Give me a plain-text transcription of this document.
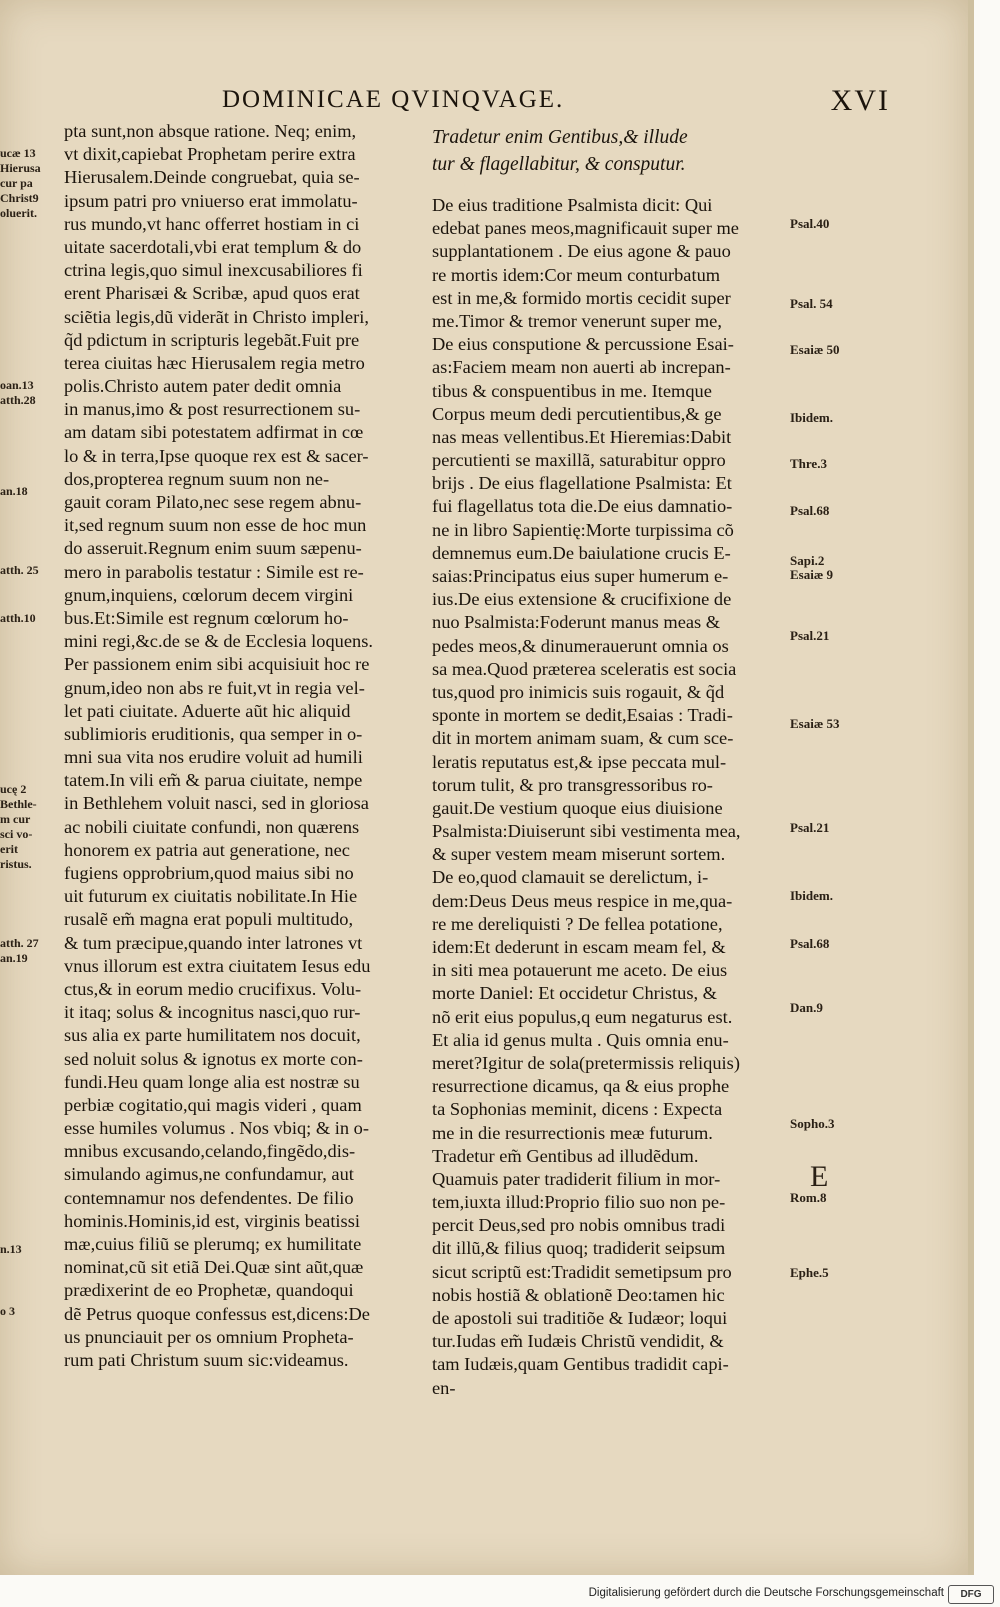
DOMINICAE QVINQVAGE.	XVI
pta sunt,non absque ratione. Neq; enim,
vt dixit,capiebat Prophetam perire extra
Hierusalem.Deinde congruebat, quia se-
ipsum patri pro vniuerso erat immolatu-
rus mundo,vt hanc offerret hostiam in ci
uitate sacerdotali,vbi erat templum & do
ctrina legis,quo simul inexcusabiliores fi
erent Pharisæi & Scribæ, apud quos erat
sciẽtia legis,dũ viderãt in Christo impleri,
q̃d pdictum in scripturis legebãt.Fuit pre
terea ciuitas hæc Hierusalem regia metro
polis.Christo autem pater dedit omnia
in manus,imo & post resurrectionem su-
am datam sibi potestatem adfirmat in cœ
lo & in terra,Ipse quoque rex est & sacer-
dos,propterea regnum suum non ne-
gauit coram Pilato,nec sese regem abnu-
it,sed regnum suum non esse de hoc mun
do asseruit.Regnum enim suum sæpenu-
mero in parabolis testatur : Simile est re-
gnum,inquiens, cœlorum decem virgini
bus.Et:Simile est regnum cœlorum ho-
mini regi,&c.de se & de Ecclesia loquens.
Per passionem enim sibi acquisiuit hoc re
gnum,ideo non abs re fuit,vt in regia vel-
let pati ciuitate. Aduerte aũt hic aliquid
sublimioris eruditionis, qua semper in o-
mni sua vita nos erudire voluit ad humili
tatem.In vili em̃ & parua ciuitate, nempe
in Bethlehem voluit nasci, sed in gloriosa
ac nobili ciuitate confundi, non quærens
honorem ex patria aut generatione, nec
fugiens opprobrium,quod maius sibi no
uit futurum ex ciuitatis nobilitate.In Hie
rusalẽ em̃ magna erat populi multitudo,
& tum præcipue,quando inter latrones vt
vnus illorum est extra ciuitatem Iesus edu
ctus,& in eorum medio crucifixus. Volu-
it itaq; solus & incognitus nasci,quo rur-
sus alia ex parte humilitatem nos docuit,
sed noluit solus & ignotus ex morte con-
fundi.Heu quam longe alia est nostræ su
perbiæ cogitatio,qui magis videri , quam
esse humiles volumus . Nos vbiq; & in o-
mnibus excusando,celando,fingẽdo,dis-
simulando agimus,ne confundamur, aut
contemnamur nos defendentes. De filio
hominis.Hominis,id est, virginis beatissi
mæ,cuius filiũ se plerumq; ex humilitate
nominat,cũ sit etiã Dei.Quæ sint aũt,quæ
prædixerint de eo Prophetæ, quandoqui
dẽ Petrus quoque confessus est,dicens:De
us pnunciauit per os omnium Propheta-
rum pati Christum suum sic:videamus.
Tradetur enim Gentibus,& illude
tur & flagellabitur, & consputur.
De eius traditione Psalmista dicit: Qui
edebat panes meos,magnificauit super me
supplantationem . De eius agone & pauo
re mortis idem:Cor meum conturbatum
est in me,& formido mortis cecidit super
me.Timor & tremor venerunt super me,
De eius consputione & percussione Esai-
as:Faciem meam non auerti ab increpan-
tibus & conspuentibus in me. Itemque
Corpus meum dedi percutientibus,& ge
nas meas vellentibus.Et Hieremias:Dabit
percutienti se maxillã, saturabitur oppro
brijs . De eius flagellatione Psalmista: Et
fui flagellatus tota die.De eius damnatio-
ne in libro Sapientię:Morte turpissima cõ
demnemus eum.De baiulatione crucis E-
saias:Principatus eius super humerum e-
ius.De eius extensione & crucifixione de
nuo Psalmista:Foderunt manus meas &
pedes meos,& dinumerauerunt omnia os
sa mea.Quod præterea sceleratis est socia
tus,quod pro inimicis suis rogauit, & q̃d
sponte in mortem se dedit,Esaias : Tradi-
dit in mortem animam suam, & cum sce-
leratis reputatus est,& ipse peccata mul-
torum tulit, & pro transgressoribus ro-
gauit.De vestium quoque eius diuisione
Psalmista:Diuiserunt sibi vestimenta mea,
& super vestem meam miserunt sortem.
De eo,quod clamauit se derelictum, i-
dem:Deus Deus meus respice in me,qua-
re me dereliquisti ? De fellea potatione,
idem:Et dederunt in escam meam fel, &
in siti mea potauerunt me aceto. De eius
morte Daniel: Et occidetur Christus, &
nõ erit eius populus,q eum negaturus est.
Et alia id genus multa . Quis omnia enu-
meret?Igitur de sola(pretermissis reliquis)
resurrectione dicamus, qa & eius prophe
ta Sophonias meminit, dicens : Expecta
me in die resurrectionis meæ futurum.
Tradetur em̃ Gentibus ad illudẽdum.
Quamuis pater tradiderit filium in mor-
tem,iuxta illud:Proprio filio suo non pe-
percit Deus,sed pro nobis omnibus tradi
dit illũ,& filius quoq; tradiderit seipsum
sicut scriptũ est:Tradidit semetipsum pro
nobis hostiã & oblationẽ Deo:tamen hic
de apostoli sui traditiõe & Iudæor; loqui
tur.Iudas em̃ Iudæis Christũ vendidit, &
tam Iudæis,quam Gentibus tradidit capi-
en-
ucæ 13
Hierusa
cur pa
Christ9
oluerit.
oan.13
atth.28
an.18
atth. 25
atth.10
ucę 2
Bethle-
m cur
sci vo-
erit
ristus.
atth. 27
an.19
n.13
o 3
Psal.40
Psal. 54
Esaiæ 50
Ibidem.
Thre.3
Psal.68
Sapi.2
Esaiæ 9
Psal.21
Esaiæ 53
Psal.21
Ibidem.
Psal.68
Dan.9
Sopho.3
E
Rom.8
Ephe.5
Digitalisierung gefördert durch die Deutsche Forschungsgemeinschaft	DFG
